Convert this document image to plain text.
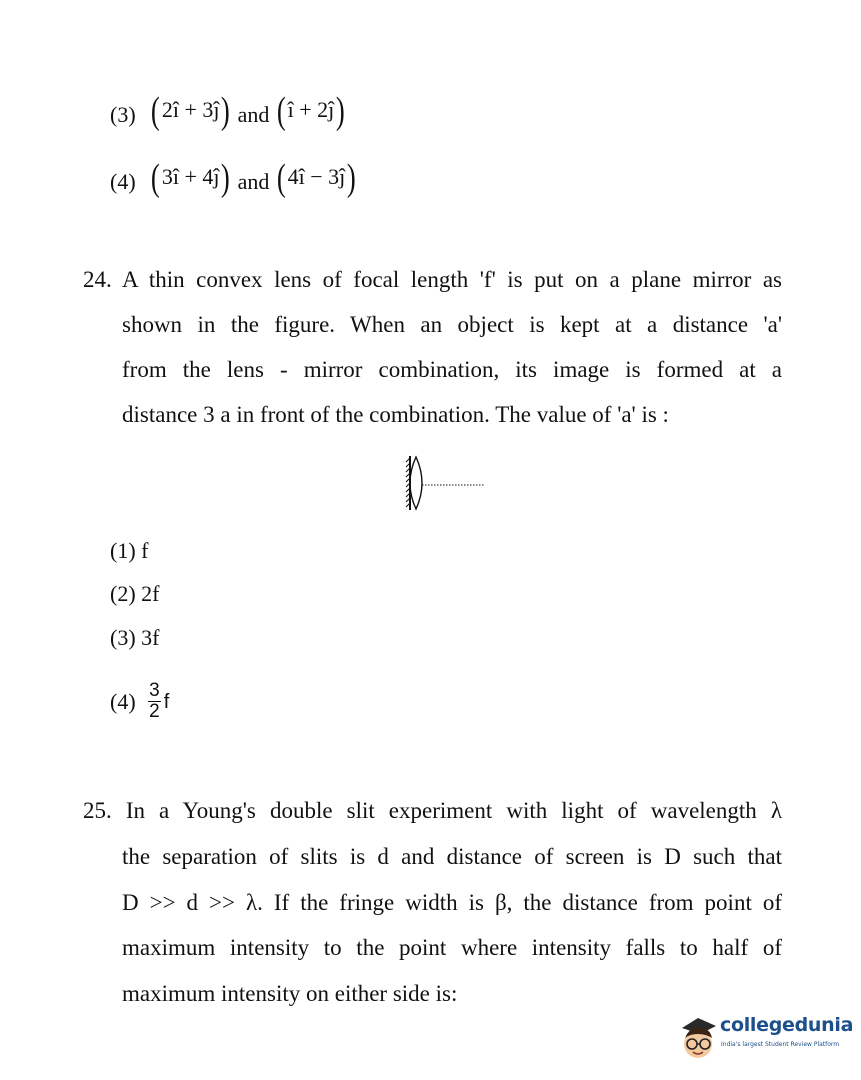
(3) ( 2î
+
3ĵ ) and ( î
+
2ĵ )
(4) ( 3î
+
4ĵ ) and ( 4î
−
3ĵ )
24. A thin convex lens of focal length 'f' is put on a plane mirror as
shown in the figure. When an object is kept at a distance 'a'
from the lens - mirror combination, its image is formed at a
distance 3 a in front of the combination. The value of 'a' is :
(1) f
(2) 2f
(3) 3f
$(4) \frac{3}{2}$ f
25. In a Young's double slit experiment with light of wavelength λ
the separation of slits is d and distance of screen is D such that
D >> d >> λ. If the fringe width is β, the distance from point of
maximum intensity to the point where intensity falls to half of
maximum intensity on either side is:
collegedunia
India's largest Student Review Platform
